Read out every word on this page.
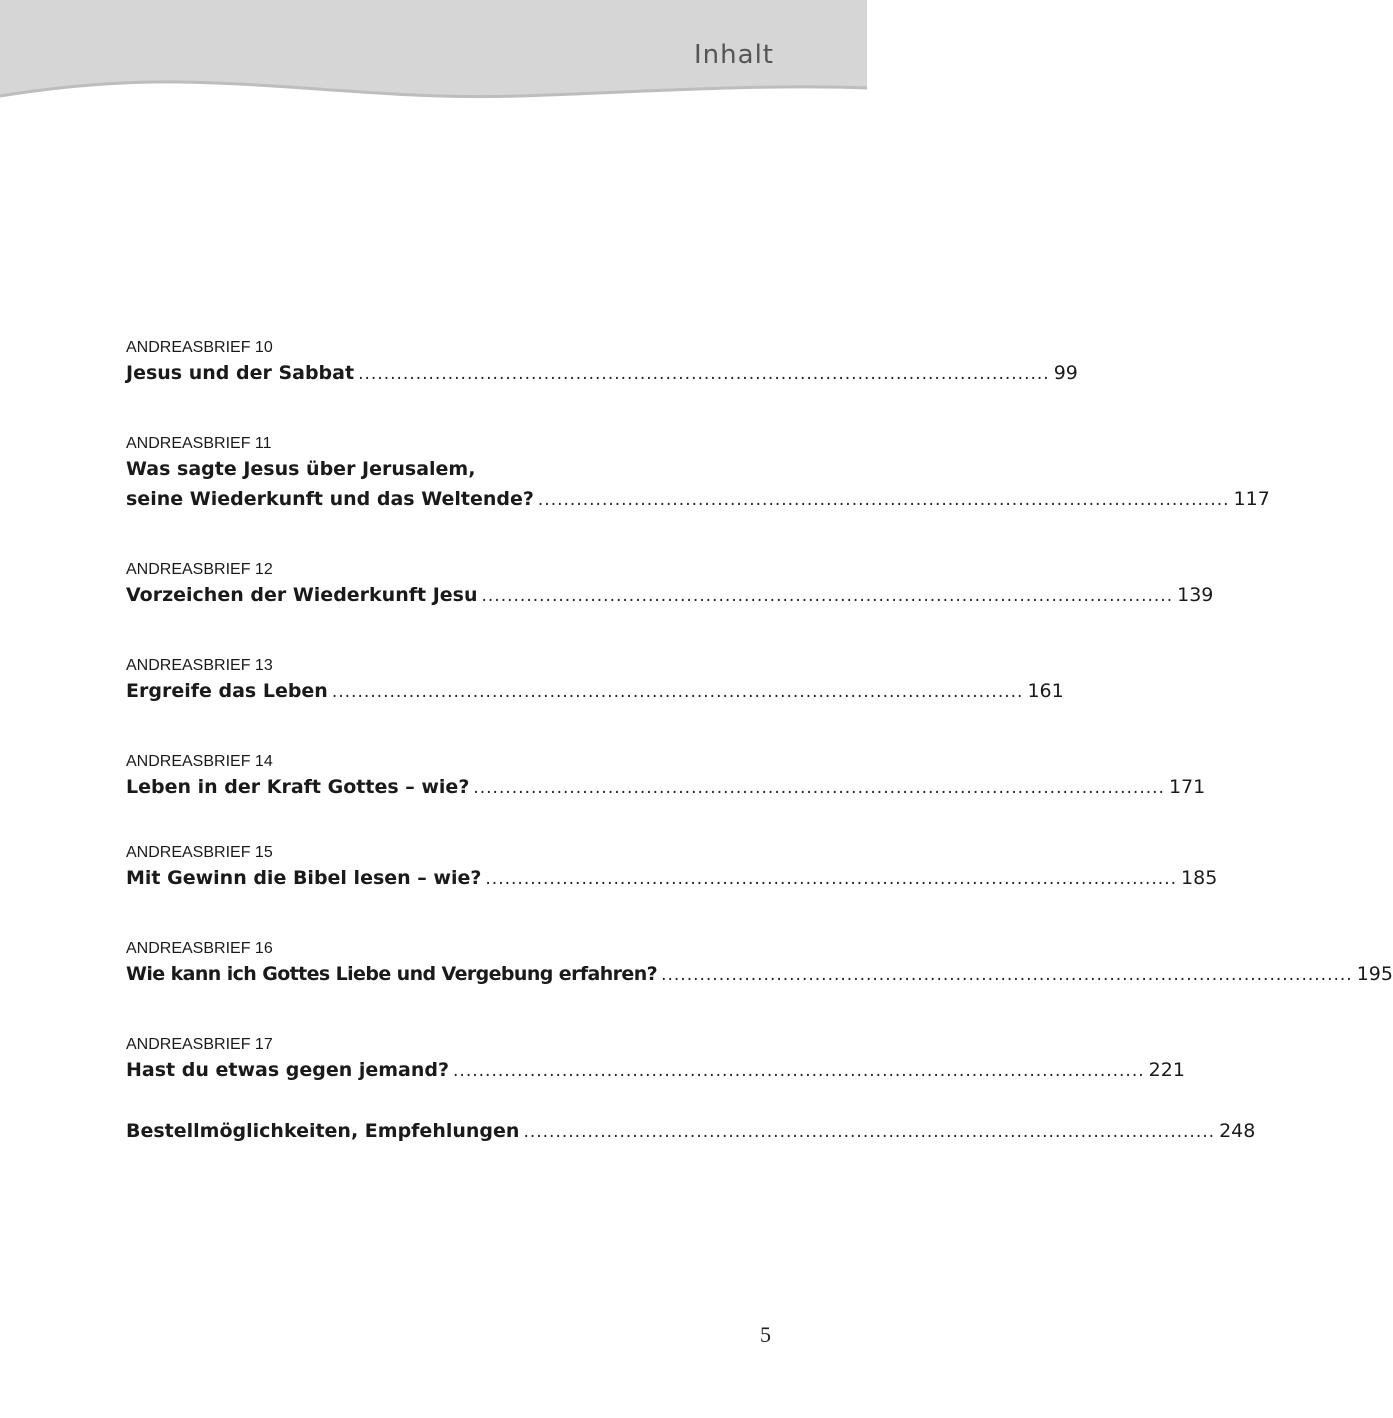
Inhalt
ANDREASBRIEF 10
Jesus und der Sabbat ............................................................................................................ 99
ANDREASBRIEF 11
Was sagte Jesus über Jerusalem,
seine Wiederkunft und das Weltende? ............................................................................................................ 117
ANDREASBRIEF 12
Vorzeichen der Wiederkunft Jesu ............................................................................................................ 139
ANDREASBRIEF 13
Ergreife das Leben ............................................................................................................ 161
ANDREASBRIEF 14
Leben in der Kraft Gottes – wie? ............................................................................................................ 171
ANDREASBRIEF 15
Mit Gewinn die Bibel lesen – wie? ............................................................................................................ 185
ANDREASBRIEF 16
Wie kann ich Gottes Liebe und Vergebung erfahren? ............................................................................................................ 195
ANDREASBRIEF 17
Hast du etwas gegen jemand? ............................................................................................................ 221
Bestellmöglichkeiten, Empfehlungen ............................................................................................................ 248
5
